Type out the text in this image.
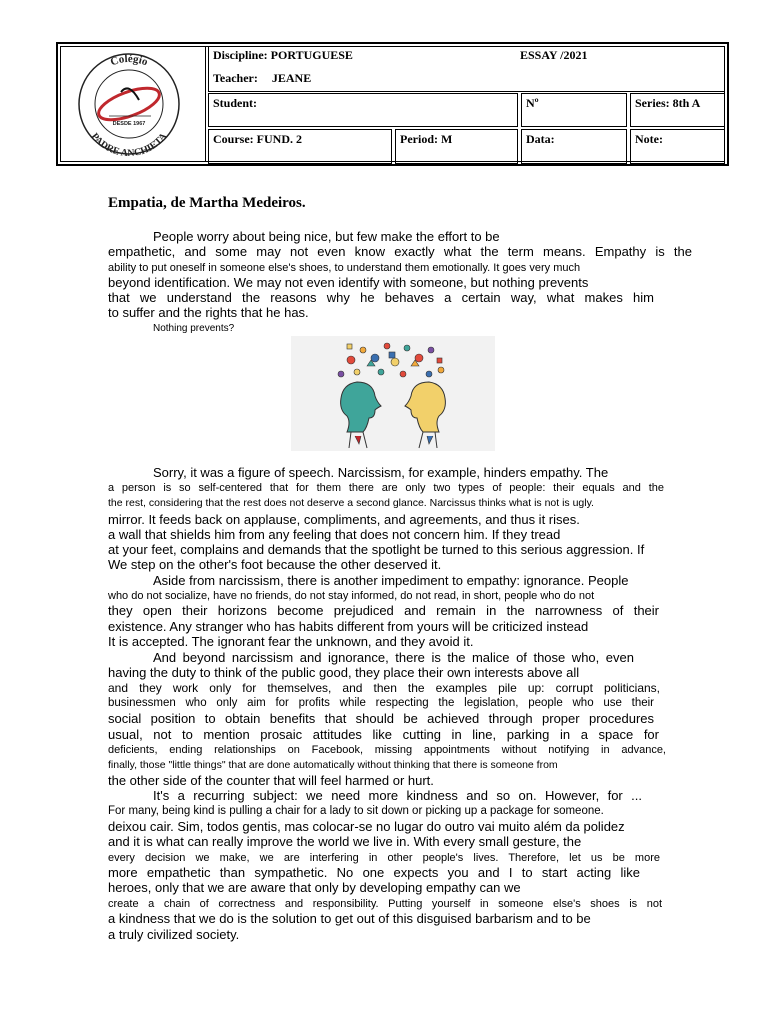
Colégio
PADRE ANCHIETA
DESDE 1967
Discipline: PORTUGUESE	ESSAY /2021
Teacher: JEANE
Student:	Nº	Series: 8th A
Course: FUND. 2	Period: M	Data:	Note:
Empatia, de Martha Medeiros.
People worry about being nice, but few make the effort to be
empathetic, and some may not even know exactly what the term means. Empathy is the
ability to put oneself in someone else's shoes, to understand them emotionally. It goes very much
beyond identification. We may not even identify with someone, but nothing prevents
that we understand the reasons why he behaves a certain way, what makes him
to suffer and the rights that he has.
Nothing prevents?
Sorry, it was a figure of speech. Narcissism, for example, hinders empathy. The
a person is so self-centered that for them there are only two types of people: their equals and the
the rest, considering that the rest does not deserve a second glance. Narcissus thinks what is not is ugly.
mirror. It feeds back on applause, compliments, and agreements, and thus it rises.
a wall that shields him from any feeling that does not concern him. If they tread
at your feet, complains and demands that the spotlight be turned to this serious aggression. If
We step on the other's foot because the other deserved it.
Aside from narcissism, there is another impediment to empathy: ignorance. People
who do not socialize, have no friends, do not stay informed, do not read, in short, people who do not
they open their horizons become prejudiced and remain in the narrowness of their
existence. Any stranger who has habits different from yours will be criticized instead
It is accepted. The ignorant fear the unknown, and they avoid it.
And beyond narcissism and ignorance, there is the malice of those who, even
having the duty to think of the public good, they place their own interests above all
and they work only for themselves, and then the examples pile up: corrupt politicians,
businessmen who only aim for profits while respecting the legislation, people who use their
social position to obtain benefits that should be achieved through proper procedures
usual, not to mention prosaic attitudes like cutting in line, parking in a space for
deficients, ending relationships on Facebook, missing appointments without notifying in advance,
finally, those "little things" that are done automatically without thinking that there is someone from
the other side of the counter that will feel harmed or hurt.
It's a recurring subject: we need more kindness and so on. However, for ...
For many, being kind is pulling a chair for a lady to sit down or picking up a package for someone.
deixou cair. Sim, todos gentis, mas colocar-se no lugar do outro vai muito além da polidez
and it is what can really improve the world we live in. With every small gesture, the
every decision we make, we are interfering in other people's lives. Therefore, let us be more
more empathetic than sympathetic. No one expects you and I to start acting like
heroes, only that we are aware that only by developing empathy can we
create a chain of correctness and responsibility. Putting yourself in someone else's shoes is not
a kindness that we do is the solution to get out of this disguised barbarism and to be
a truly civilized society.
